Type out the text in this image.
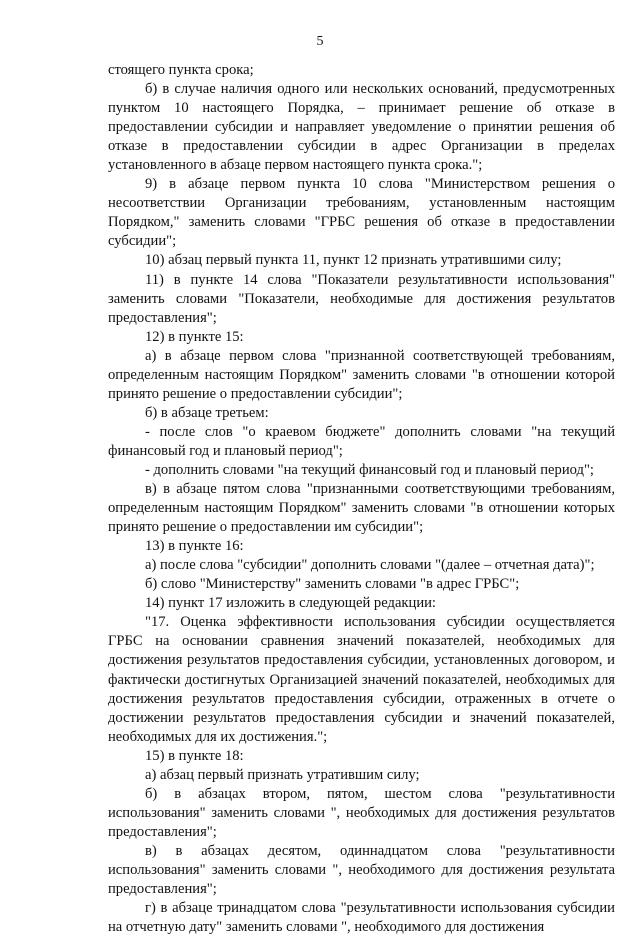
5

стоящего пункта срока;

б) в случае наличия одного или нескольких оснований, предусмотренных пунктом 10 настоящего Порядка, – принимает решение об отказе в предоставлении субсидии и направляет уведомление о принятии решения об отказе в предоставлении субсидии в адрес Организации в пределах установленного в абзаце первом настоящего пункта срока.";

9) в абзаце первом пункта 10 слова "Министерством решения о несоответствии Организации требованиям, установленным настоящим Порядком," заменить словами "ГРБС решения об отказе в предоставлении субсидии";

10) абзац первый пункта 11, пункт 12 признать утратившими силу;

11) в пункте 14 слова "Показатели результативности использования" заменить словами "Показатели, необходимые для достижения результатов предоставления";

12) в пункте 15:

а) в абзаце первом слова "признанной соответствующей требованиям, определенным настоящим Порядком" заменить словами "в отношении которой принято решение о предоставлении субсидии";

б) в абзаце третьем:

- после слов "о краевом бюджете" дополнить словами "на текущий финансовый год и плановый период";

- дополнить словами "на текущий финансовый год и плановый период";

в) в абзаце пятом слова "признанными соответствующими требованиям, определенным настоящим Порядком" заменить словами "в отношении которых принято решение о предоставлении им субсидии";

13) в пункте 16:

а) после слова "субсидии" дополнить словами "(далее – отчетная дата)";

б) слово "Министерству" заменить словами "в адрес ГРБС";

14) пункт 17 изложить в следующей редакции:

"17. Оценка эффективности использования субсидии осуществляется ГРБС на основании сравнения значений показателей, необходимых для достижения результатов предоставления субсидии, установленных договором, и фактически достигнутых Организацией значений показателей, необходимых для достижения результатов предоставления субсидии, отраженных в отчете о достижении результатов предоставления субсидии и значений показателей, необходимых для их достижения.";

15) в пункте 18:

а) абзац первый признать утратившим силу;

б) в абзацах втором, пятом, шестом слова "результативности использования" заменить словами ", необходимых для достижения результатов предоставления";

в) в абзацах десятом, одиннадцатом слова "результативности использования" заменить словами ", необходимого для достижения результата предоставления";

г) в абзаце тринадцатом слова "результативности использования субсидии на отчетную дату" заменить словами ", необходимого для достижения
